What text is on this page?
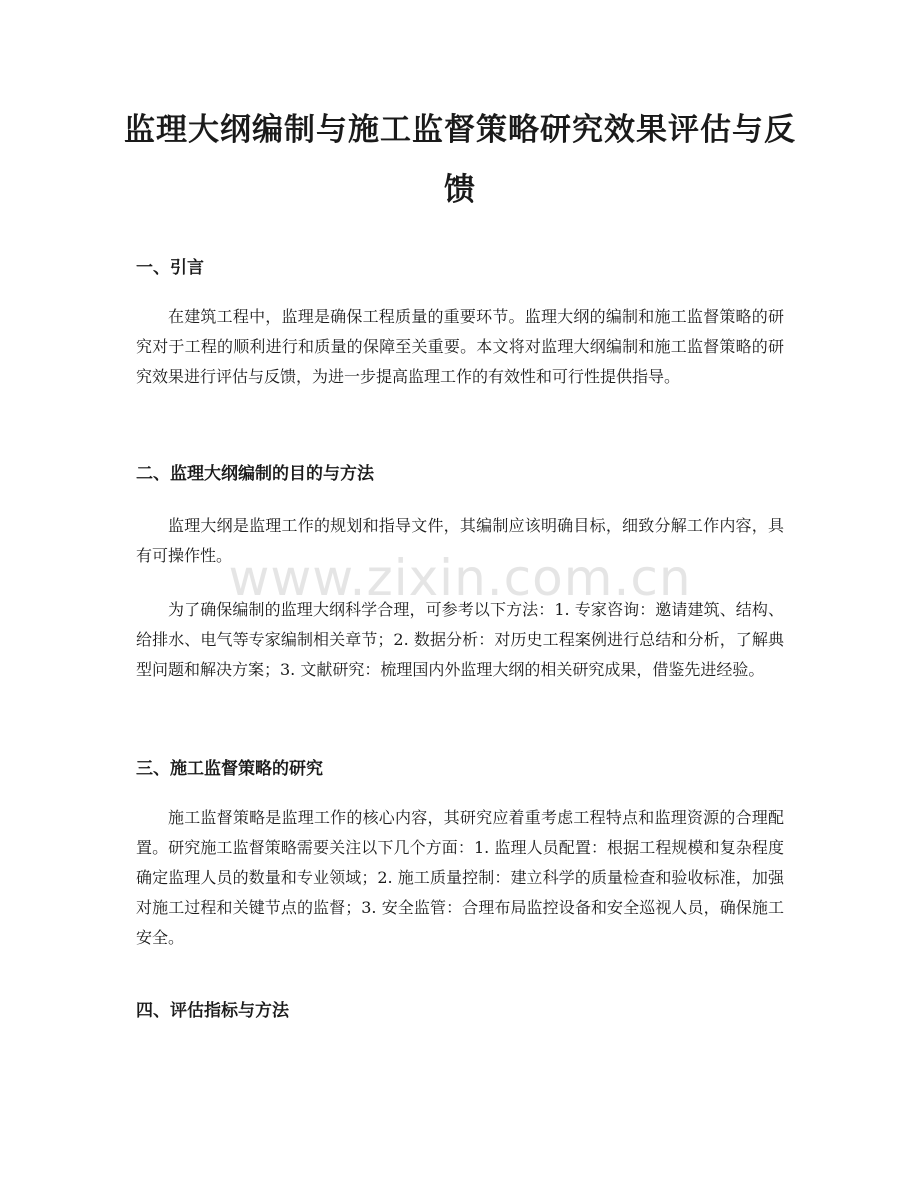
监理大纲编制与施工监督策略研究效果评估与反馈
一、引言

在建筑工程中，监理是确保工程质量的重要环节。监理大纲的编制和施工监督策略的研究对于工程的顺利进行和质量的保障至关重要。本文将对监理大纲编制和施工监督策略的研究效果进行评估与反馈，为进一步提高监理工作的有效性和可行性提供指导。

二、监理大纲编制的目的与方法

监理大纲是监理工作的规划和指导文件，其编制应该明确目标，细致分解工作内容，具有可操作性。

为了确保编制的监理大纲科学合理，可参考以下方法：1. 专家咨询：邀请建筑、结构、给排水、电气等专家编制相关章节；2. 数据分析：对历史工程案例进行总结和分析，了解典型问题和解决方案；3. 文献研究：梳理国内外监理大纲的相关研究成果，借鉴先进经验。

三、施工监督策略的研究

施工监督策略是监理工作的核心内容，其研究应着重考虑工程特点和监理资源的合理配置。研究施工监督策略需要关注以下几个方面：1. 监理人员配置：根据工程规模和复杂程度确定监理人员的数量和专业领域；2. 施工质量控制：建立科学的质量检查和验收标准，加强对施工过程和关键节点的监督；3. 安全监管：合理布局监控设备和安全巡视人员，确保施工安全。

四、评估指标与方法
www.zixin.com.cn
